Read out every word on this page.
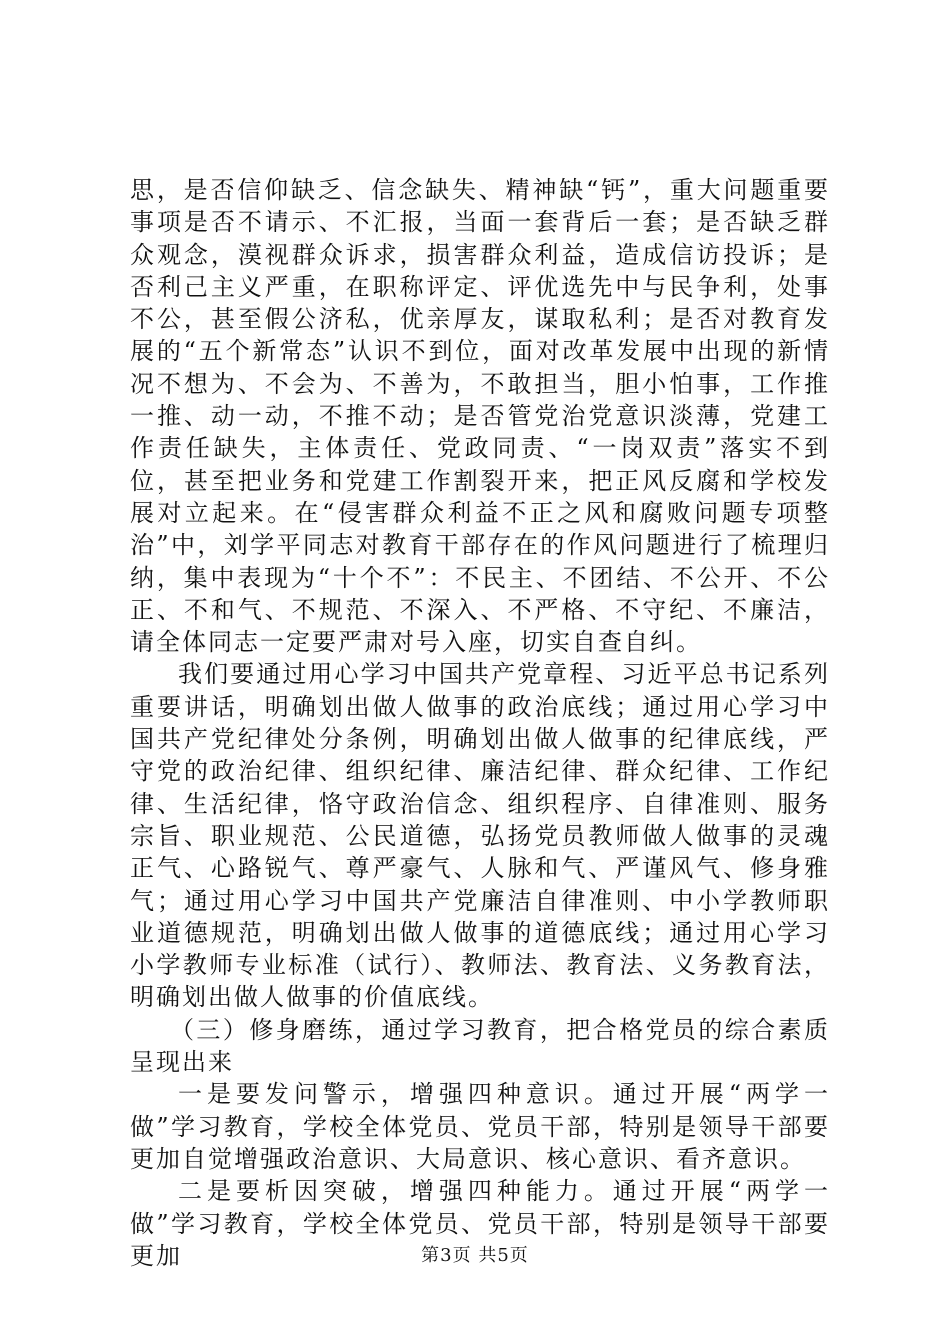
思，是否信仰缺乏、信念缺失、精神缺“钙”，重大问题重要事项是否不请示、不汇报，当面一套背后一套；是否缺乏群众观念，漠视群众诉求，损害群众利益，造成信访投诉；是否利己主义严重，在职称评定、评优选先中与民争利，处事不公，甚至假公济私，优亲厚友，谋取私利；是否对教育发展的“五个新常态”认识不到位，面对改革发展中出现的新情况不想为、不会为、不善为，不敢担当，胆小怕事，工作推一推、动一动，不推不动；是否管党治党意识淡薄，党建工作责任缺失，主体责任、党政同责、“一岗双责”落实不到位，甚至把业务和党建工作割裂开来，把正风反腐和学校发展对立起来。在“侵害群众利益不正之风和腐败问题专项整治”中，刘学平同志对教育干部存在的作风问题进行了梳理归纳，集中表现为“十个不”：不民主、不团结、不公开、不公正、不和气、不规范、不深入、不严格、不守纪、不廉洁，请全体同志一定要严肃对号入座，切实自查自纠。

我们要通过用心学习中国共产党章程、习近平总书记系列重要讲话，明确划出做人做事的政治底线；通过用心学习中国共产党纪律处分条例，明确划出做人做事的纪律底线，严守党的政治纪律、组织纪律、廉洁纪律、群众纪律、工作纪律、生活纪律，恪守政治信念、组织程序、自律准则、服务宗旨、职业规范、公民道德，弘扬党员教师做人做事的灵魂正气、心路锐气、尊严豪气、人脉和气、严谨风气、修身雅气；通过用心学习中国共产党廉洁自律准则、中小学教师职业道德规范，明确划出做人做事的道德底线；通过用心学习小学教师专业标准（试行）、教师法、教育法、义务教育法，明确划出做人做事的价值底线。

（三）修身磨练，通过学习教育，把合格党员的综合素质呈现出来

一是要发问警示，增强四种意识。通过开展“两学一做”学习教育，学校全体党员、党员干部，特别是领导干部要更加自觉增强政治意识、大局意识、核心意识、看齐意识。

二是要析因突破，增强四种能力。通过开展“两学一做”学习教育，学校全体党员、党员干部，特别是领导干部要更加	第3页 共5页
